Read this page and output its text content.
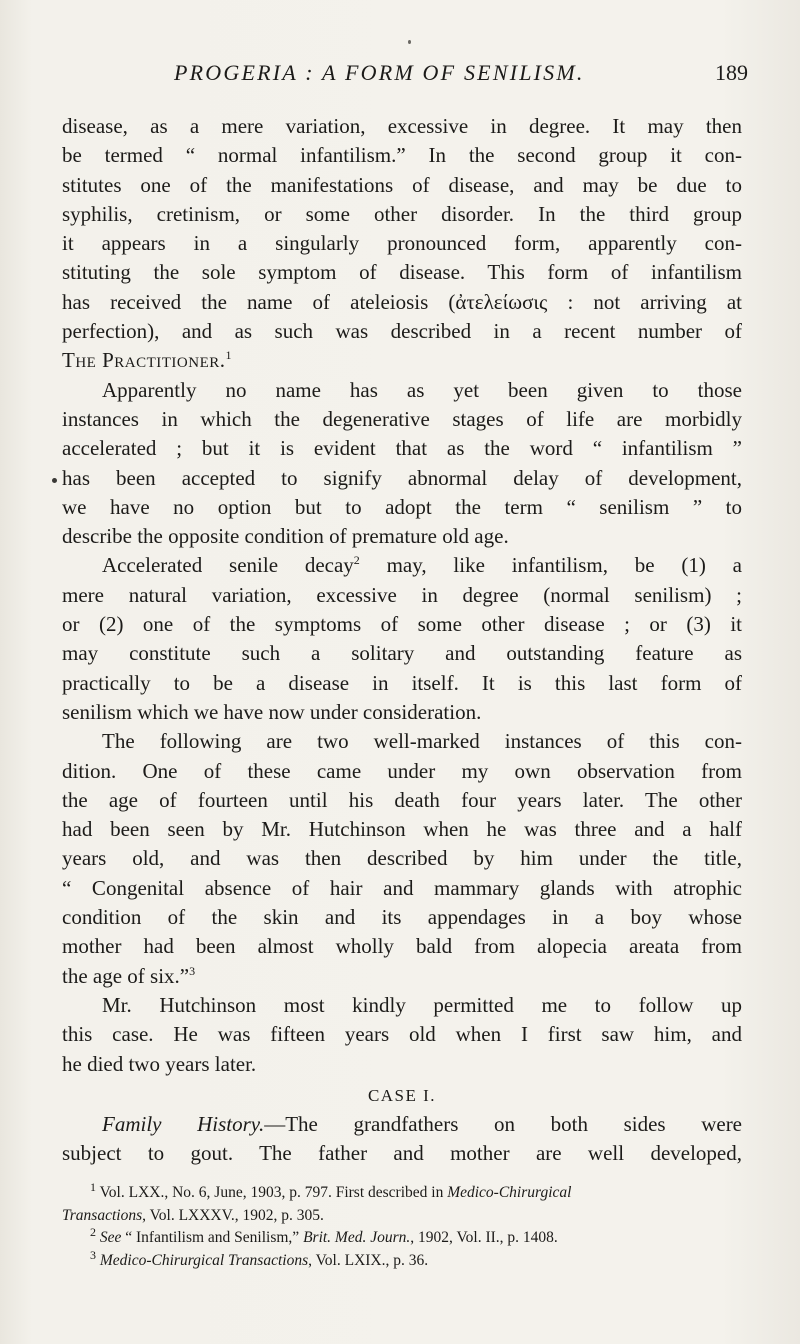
PROGERIA : A FORM OF SENILISM.	189
disease, as a mere variation, excessive in degree. It may then
be termed “ normal infantilism.” In the second group it con-
stitutes one of the manifestations of disease, and may be due to
syphilis, cretinism, or some other disorder. In the third group
it appears in a singularly pronounced form, apparently con-
stituting the sole symptom of disease. This form of infantilism
has received the name of ateleiosis (ἀτελείωσις : not arriving at
perfection), and as such was described in a recent number of
The Practitioner.$^1$
Apparently no name has as yet been given to those
instances in which the degenerative stages of life are morbidly
accelerated ; but it is evident that as the word “ infantilism ”
has been accepted to signify abnormal delay of development,
we have no option but to adopt the term “ senilism ” to
describe the opposite condition of premature old age.
Accelerated senile decay$^2$ may, like infantilism, be (1) a
mere natural variation, excessive in degree (normal senilism) ;
or (2) one of the symptoms of some other disease ; or (3) it
may constitute such a solitary and outstanding feature as
practically to be a disease in itself. It is this last form of
senilism which we have now under consideration.
The following are two well-marked instances of this con-
dition. One of these came under my own observation from
the age of fourteen until his death four years later. The other
had been seen by Mr. Hutchinson when he was three and a half
years old, and was then described by him under the title,
“ Congenital absence of hair and mammary glands with atrophic
condition of the skin and its appendages in a boy whose
mother had been almost wholly bald from alopecia areata from
the age of six.”$^3$
Mr. Hutchinson most kindly permitted me to follow up
this case. He was fifteen years old when I first saw him, and
he died two years later.
CASE I.
Family History.—The grandfathers on both sides were
subject to gout. The father and mother are well developed,
$^1$ Vol. LXX., No. 6, June, 1903, p. 797. First described in Medico-Chirurgical
Transactions, Vol. LXXXV., 1902, p. 305.
$^2$ See “ Infantilism and Senilism,” Brit. Med. Journ., 1902, Vol. II., p. 1408.
$^3$ Medico-Chirurgical Transactions, Vol. LXIX., p. 36.
